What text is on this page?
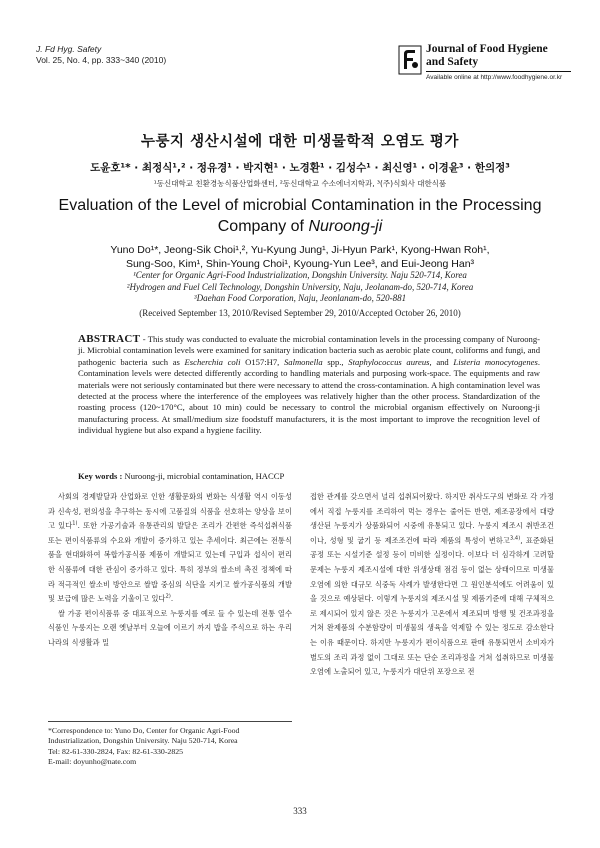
J. Fd Hyg. Safety
Vol. 25, No. 4, pp. 333~340 (2010)
Journal of Food Hygiene
and Safety
Available online at http://www.foodhygiene.or.kr
누룽지 생산시설에 대한 미생물학적 오염도 평가
도윤호¹* · 최정식¹,² · 정유경¹ · 박지현¹ · 노경환¹ · 김성수¹ · 최신영¹ · 이경윤³ · 한의정³
¹동신대학교 친환경농식품산업화센터, ²동신대학교 수소에너지학과, ³(주)식회사 대한식품
Evaluation of the Level of microbial Contamination in the Processing
Company of Nuroong-ji
Yuno Do¹*, Jeong-Sik Choi¹,², Yu-Kyung Jung¹, Ji-Hyun Park¹, Kyong-Hwan Roh¹,
Sung-Soo, Kim¹, Shin-Young Choi¹, Kyoung-Yun Lee³, and Eui-Jeong Han³
¹Center for Organic Agri-Food Industrialization, Dongshin University. Naju 520-714, Korea
²Hydrogen and Fuel Cell Technology, Dongshin University, Naju, Jeolanam-do, 520-714, Korea
³Daehan Food Corporation, Naju, Jeonlanam-do, 520-881
(Received September 13, 2010/Revised September 29, 2010/Accepted October 26, 2010)
ABSTRACT - This study was conducted to evaluate the microbial contamination levels in the processing company of Nuroong-ji. Microbial contamination levels were examined for sanitary indication bacteria such as aerobic plate count, coliforms and fungi, and pathogenic bacteria such as Escherchia coli O157:H7, Salmonella spp., Staphylococcus aureus, and Listeria monocytogenes. Contamination levels were detected differently according to handling materials and purposing work-space. The equipments and raw materials were not seriously contaminated but there were necessary to attend the cross-contamination. A high contamination level was detected at the process where the interference of the employees was relatively higher than the other process. Standardization of the roasting process (120~170°C, about 10 min) could be necessary to control the microbial organism effectively on Nuroong-ji manufacturing process. At small/medium size foodstuff manufacturers, it is the most important to improve the recognition level of individual hygiene but also expand a hygiene facility.
Key words : Nuroong-ji, microbial contamination, HACCP

사회의 경제발달과 산업화로 인한 생활문화의 변화는 식생활 역시 이동성과 신속성, 편의성을 추구하는 동시에 고품질의 식품을 선호하는 양상을 보이고 있다$^{1)}$. 또한 가공기술과 유통관리의 발달은 조리가 간편한 즉석섭취식품 또는 편이식품류의 수요와 개발이 증가하고 있는 추세이다. 최근에는 전통식품을 현대화하여 복합가공식품 제품이 개발되고 있는데 구입과 섭식이 편리한 식품류에 대한 관심이 증가하고 있다. 특히 정부의 쌀소비 촉진 정책에 따라 적극적인 쌀소비 방안으로 쌀밥 중심의 식단을 지키고 쌀가공식품의 개발 및 보급에 많은 노력을 기울이고 있다$^{2)}$.

쌀 가공 편이식품류 중 대표적으로 누룽지를 예로 들 수 있는데 전통 열수식품인 누룽지는 오랜 옛날부터 오늘에 이르기 까지 밥을 주식으로 하는 우리나라의 식생활과 밀

접한 관계를 갖으면서 널리 섭취되어왔다. 하지만 취사도구의 변화로 각 가정에서 직접 누룽지를 조리하여 먹는 경우는 줄어든 반면, 제조공장에서 대량 생산된 누룽지가 상품화되어 시중에 유통되고 있다. 누룽지 제조시 취반조건이나, 성형 및 굽기 등 제조조건에 따라 제품의 특성이 변하고$^{3,4)}$, 표준화된 공정 또는 시설기준 설정 등이 미비한 실정이다. 이보다 더 심각하게 고려할 문제는 누룽지 제조시설에 대한 위생상태 점검 등이 없는 상태이므로 미생물 오염에 의한 대규모 식중독 사례가 발생한다면 그 원인분석에도 어려움이 있을 것으로 예상된다. 이렇게 누룽지의 제조시설 및 제품기준에 대해 구체적으로 제시되어 있지 않은 것은 누룽지가 고온에서 제조되며 방행 및 건조과정을 거쳐 완제품의 수분함량이 미생물의 생육을 억제할 수 있는 정도로 감소한다는 이유 때문이다. 하지만 누룽지가 편이식품으로 판매 유통되면서 소비자가 별도의 조리 과정 없이 그대로 또는 단순 조리과정을 거쳐 섭취하므로 미생물오염에 노출되어 있고, 누룽지가 대단위 포장으로 전

*Correspondence to: Yuno Do, Center for Organic Agri-Food Industrialization, Dongshin University. Naju 520-714, Korea
Tel: 82-61-330-2824, Fax: 82-61-330-2825
E-mail: doyunho@nate.com
333
